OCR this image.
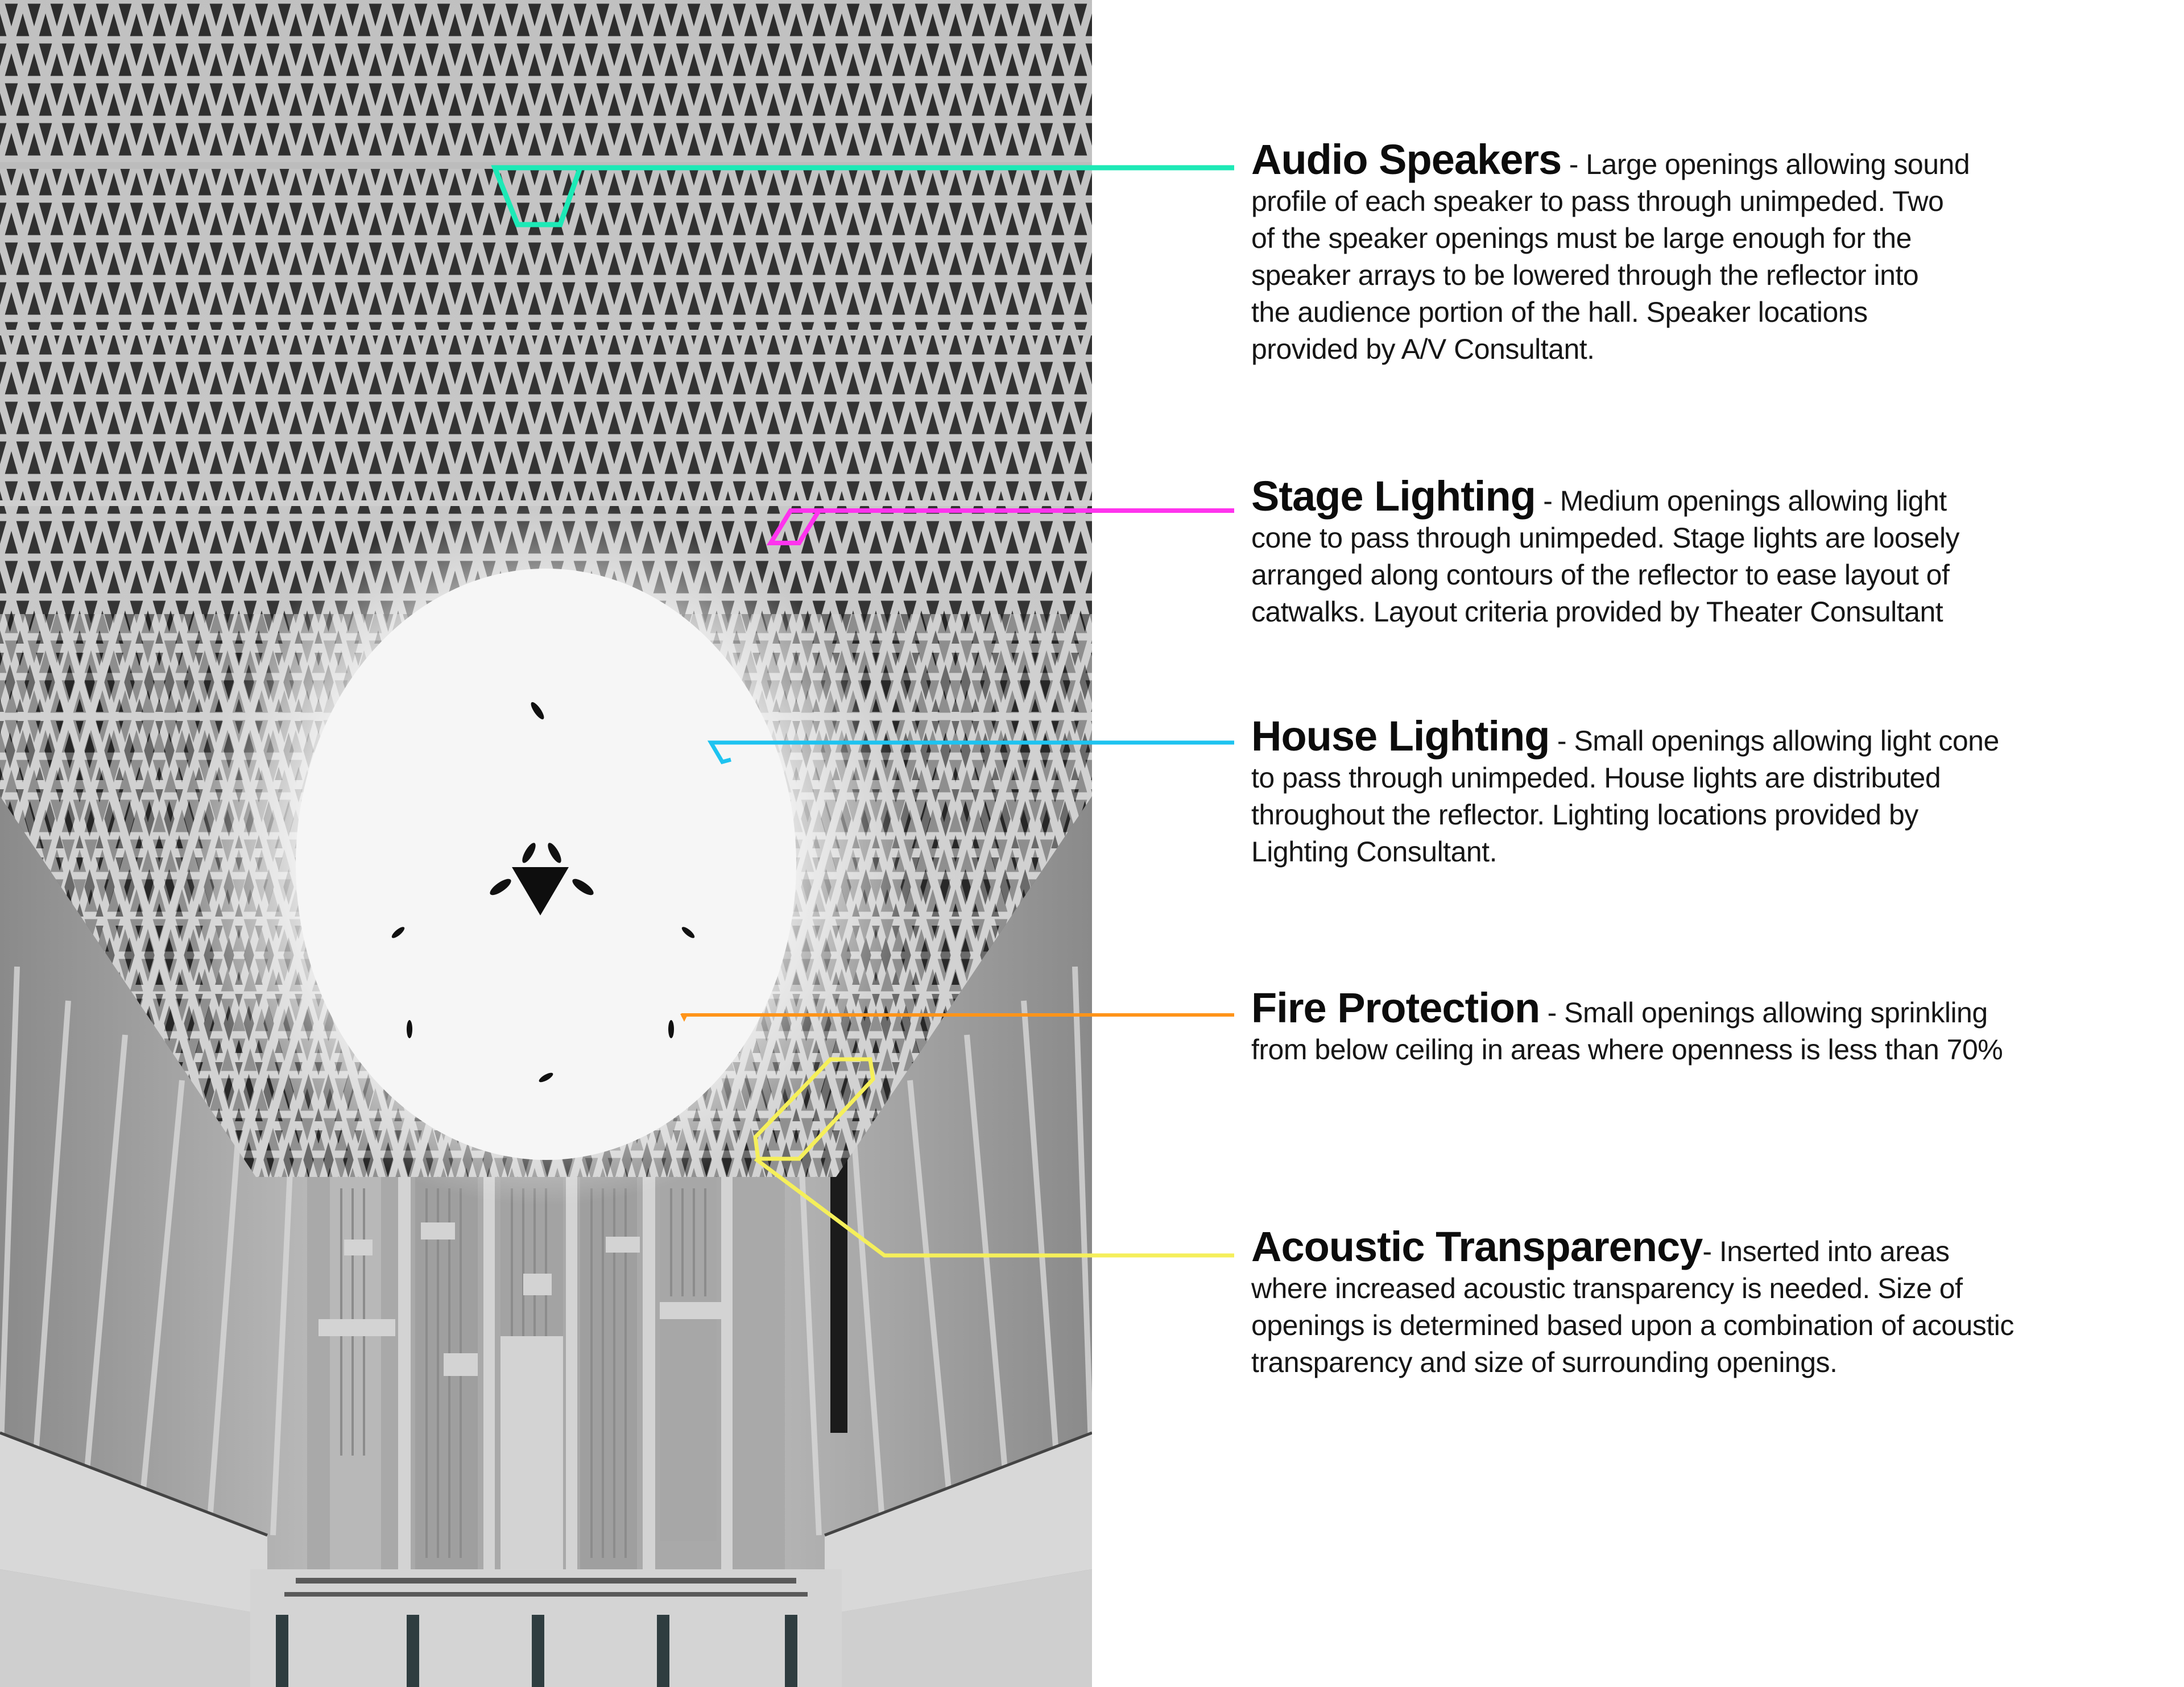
Audio Speakers - Large openings allowing sound
profile of each speaker to pass through unimpeded. Two
of the speaker openings must be large enough for the
speaker arrays to be lowered through the reflector into
the audience portion of the hall. Speaker locations
provided by A/V Consultant.

Stage Lighting - Medium openings allowing light
cone to pass through unimpeded. Stage lights are loosely
arranged along contours of the reflector to ease layout of
catwalks. Layout criteria provided by Theater Consultant

House Lighting - Small openings allowing light cone
to pass through unimpeded. House lights are distributed
throughout the reflector. Lighting locations provided by
Lighting Consultant.

Fire Protection - Small openings allowing sprinkling
from below ceiling in areas where openness is less than 70%

Acoustic Transparency- Inserted into areas
where increased acoustic transparency is needed. Size of
openings is determined based upon a combination of acoustic
transparency and size of surrounding openings.
